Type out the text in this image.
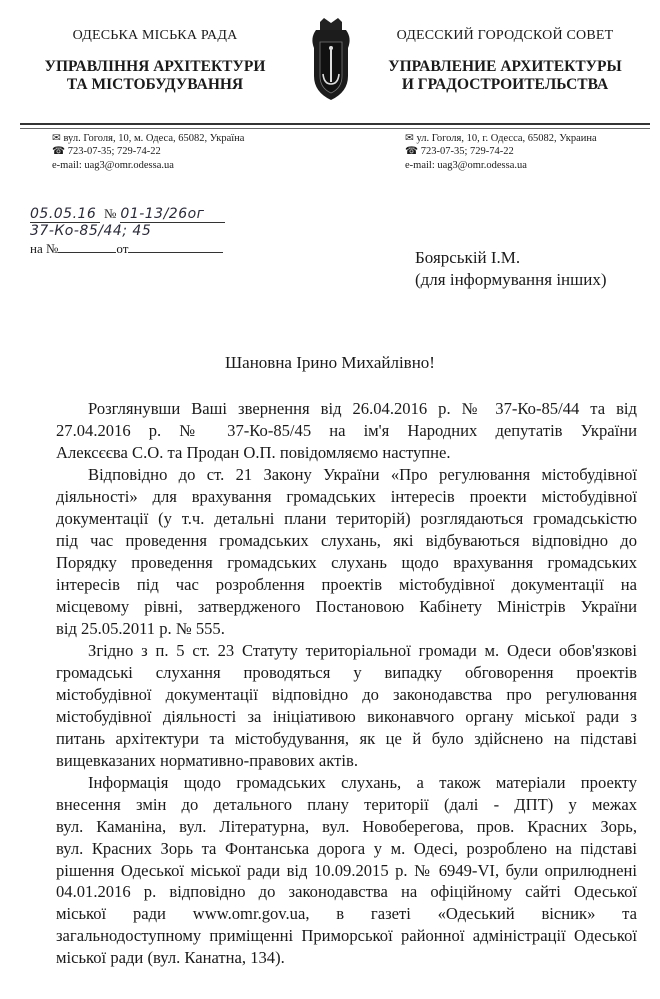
ОДЕСЬКА МІСЬКА РАДА
УПРАВЛІННЯ АРХІТЕКТУРИ
ТА МІСТОБУДУВАННЯ
ОДЕССКИЙ ГОРОДСКОЙ СОВЕТ
УПРАВЛЕНИЕ АРХИТЕКТУРЫ
И ГРАДОСТРОИТЕЛЬСТВА
✉ вул. Гоголя, 10, м. Одеса, 65082, Україна
☎ 723-07-35; 729-74-22
e-mail: uag3@omr.odessa.ua
✉ ул. Гоголя, 10, г. Одесса, 65082, Украина
☎ 723-07-35; 729-74-22
e-mail: uag3@omr.odessa.ua
05.05.16 № 01-13/26ог
37-Ко-85/44; 45
на №	от	Боярській І.М.
(для інформування інших)
Шановна Ірино Михайлівно!
Розглянувши Ваші звернення від 26.04.2016 р. № 37-Ко-85/44 та від
27.04.2016 р. № 37-Ко-85/45 на ім'я Народних депутатів України
Алексєєва С.О. та Продан О.П. повідомляємо наступне.
Відповідно до ст. 21 Закону України «Про регулювання містобудівної
діяльності» для врахування громадських інтересів проекти містобудівної
документації (у т.ч. детальні плани територій) розглядаються громадськістю
під час проведення громадських слухань, які відбуваються відповідно до
Порядку проведення громадських слухань щодо врахування громадських
інтересів під час розроблення проектів містобудівної документації на
місцевому рівні, затвердженого Постановою Кабінету Міністрів України
від 25.05.2011 р. № 555.
Згідно з п. 5 ст. 23 Статуту територіальної громади м. Одеси обов'язкові
громадські слухання проводяться у випадку обговорення проектів
містобудівної документації відповідно до законодавства про регулювання
містобудівної діяльності за ініціативою виконавчого органу міської ради з
питань архітектури та містобудування, як це й було здійснено на підставі
вищевказаних нормативно-правових актів.
Інформація щодо громадських слухань, а також матеріали проекту
внесення змін до детального плану території (далі - ДПТ) у межах
вул. Каманіна, вул. Літературна, вул. Новоберегова, пров. Красних Зорь,
вул. Красних Зорь та Фонтанська дорога у м. Одесі, розроблено на підставі
рішення Одеської міської ради від 10.09.2015 р. № 6949-VI, були оприлюднені
04.01.2016 р. відповідно до законодавства на офіційному сайті Одеської
міської ради www.omr.gov.ua, в газеті «Одеський вісник» та
загальнодоступному приміщенні Приморської районної адміністрації Одеської
міської ради (вул. Канатна, 134).
